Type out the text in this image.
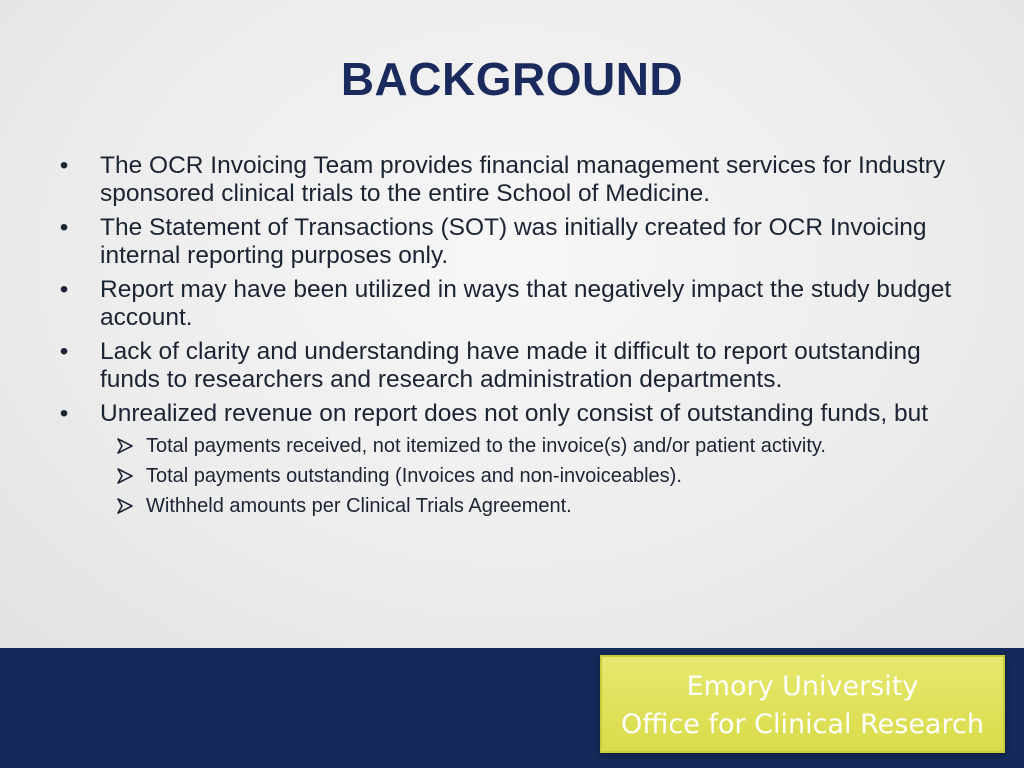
BACKGROUND
• The OCR Invoicing Team provides financial management services for Industry sponsored clinical trials to the entire School of Medicine.
• The Statement of Transactions (SOT) was initially created for OCR Invoicing internal reporting purposes only.
• Report may have been utilized in ways that negatively impact the study budget account.
• Lack of clarity and understanding have made it difficult to report outstanding funds to researchers and research administration departments.
• Unrealized revenue on report does not only consist of outstanding funds, but
Total payments received, not itemized to the invoice(s) and/or patient activity.
Total payments outstanding (Invoices and non-invoiceables).
Withheld amounts per Clinical Trials Agreement.
Emory University
Office for Clinical Research
